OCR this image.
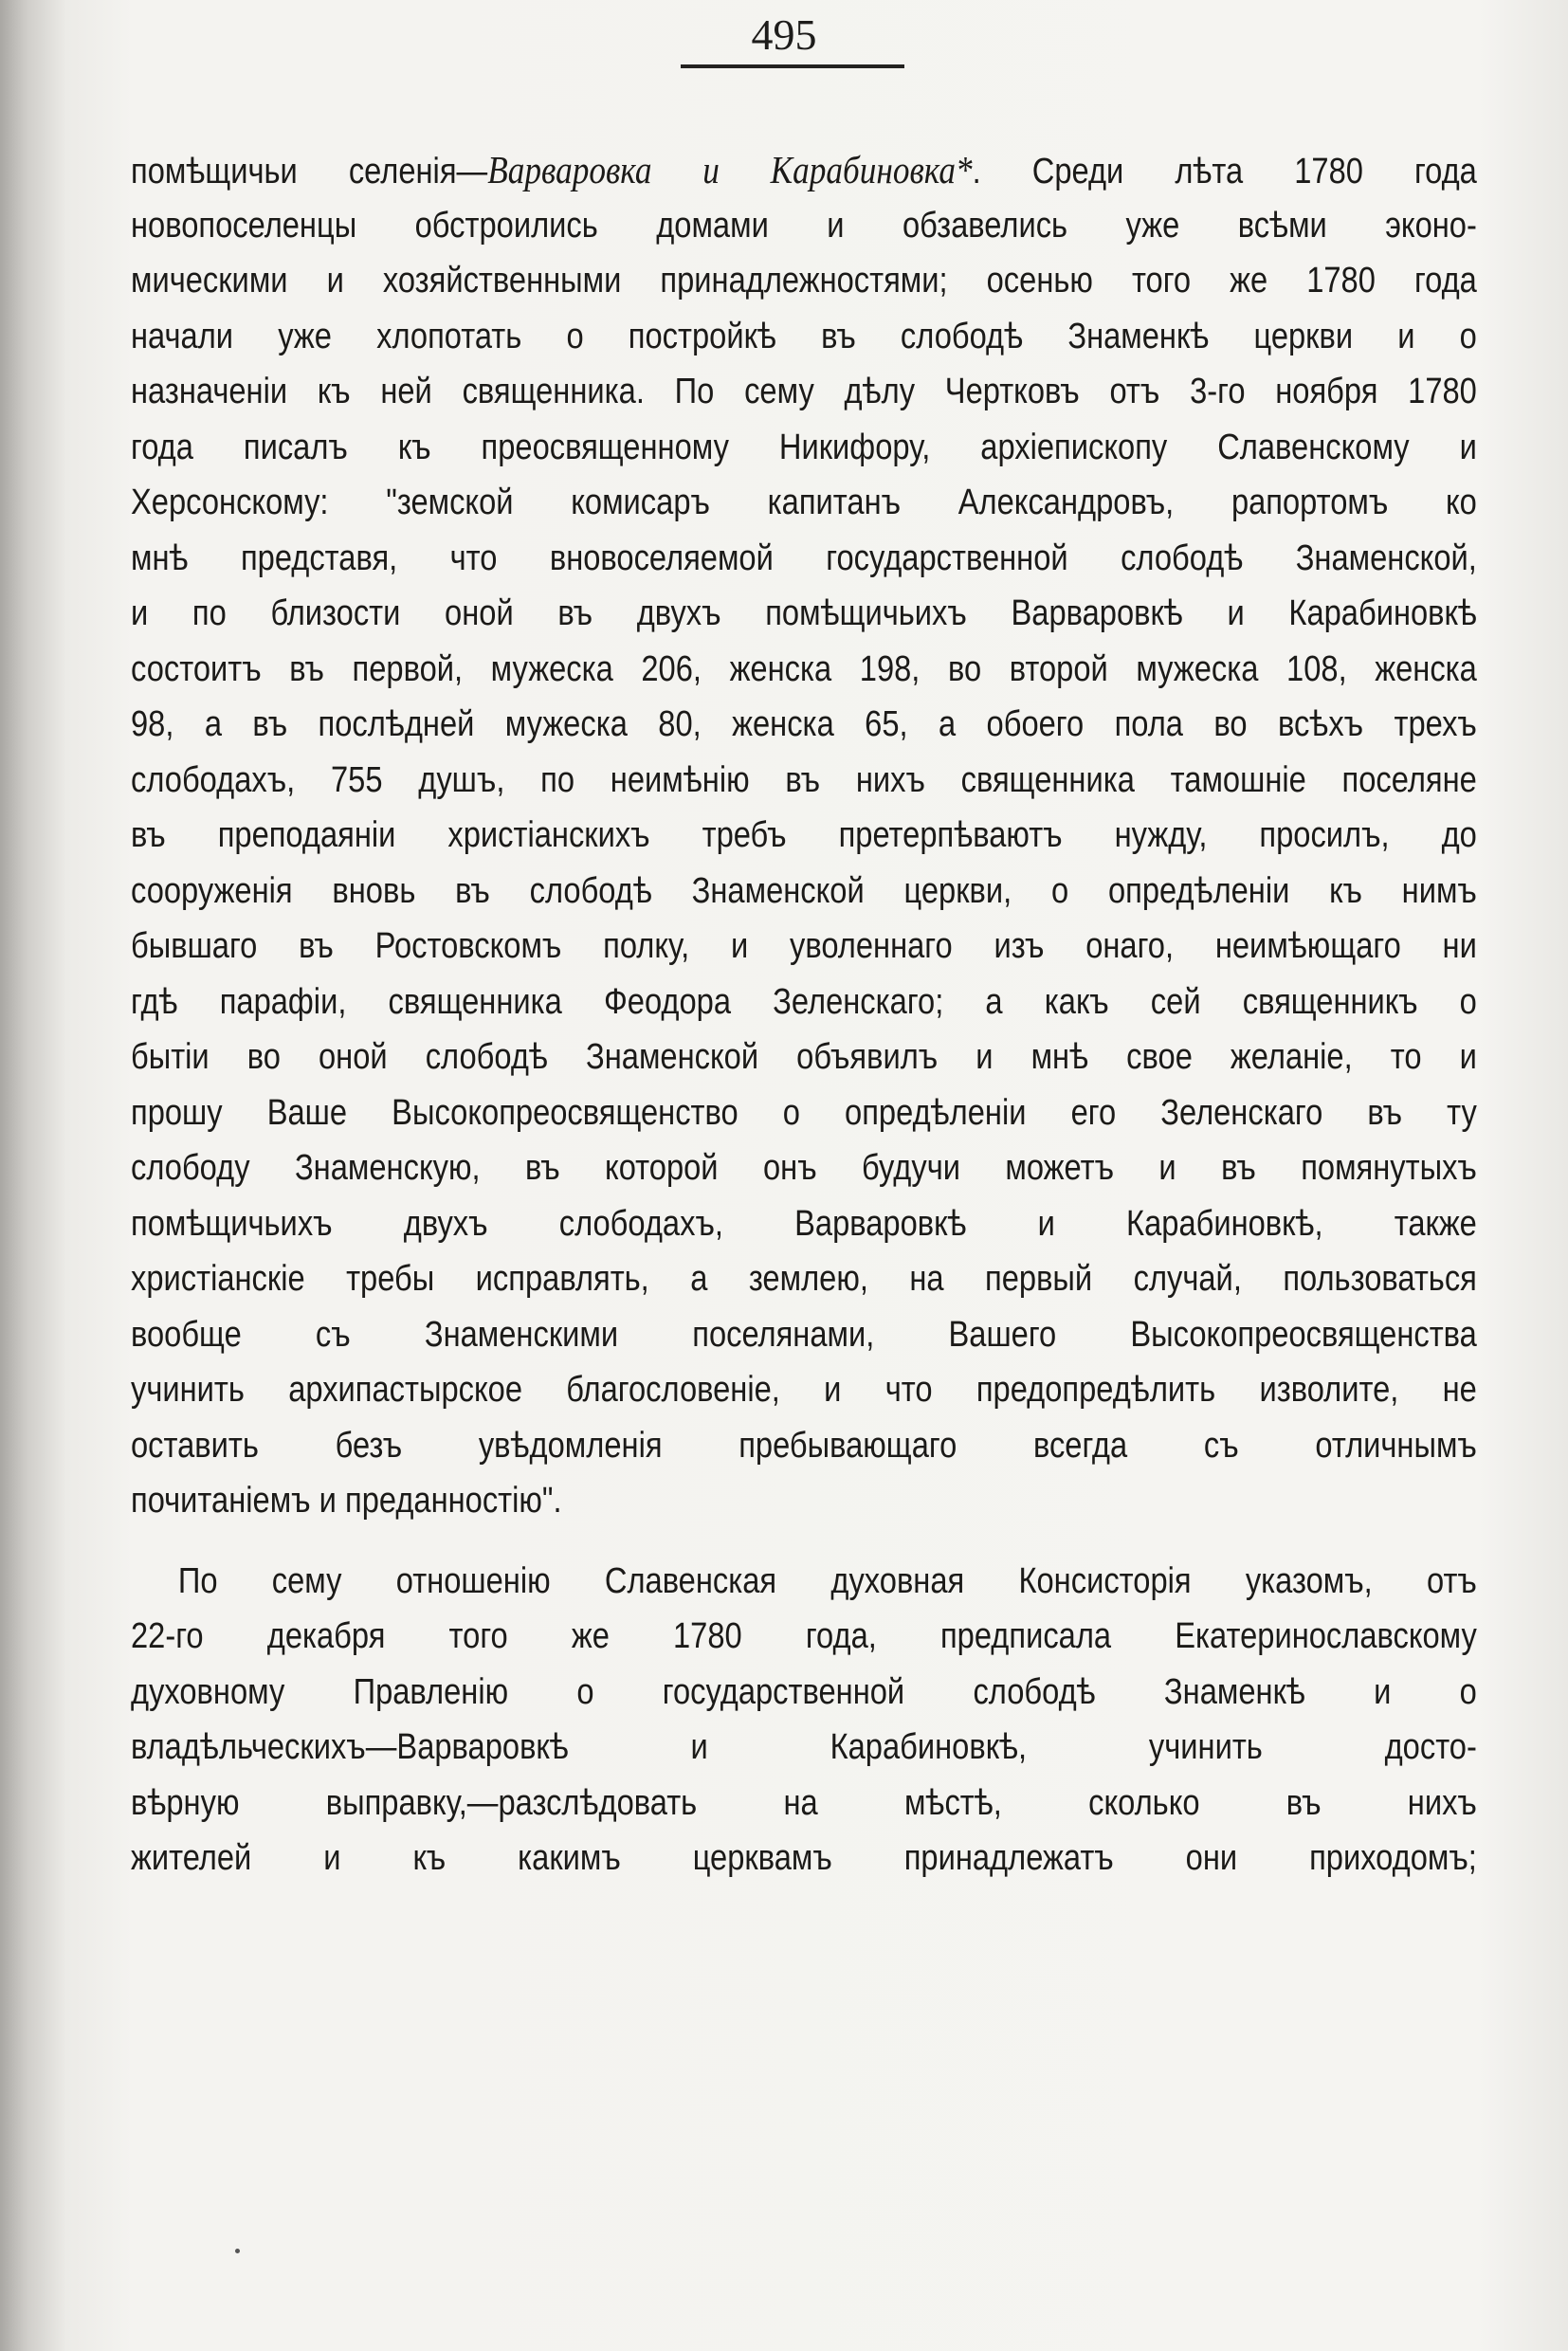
495
помѣщичьи селенія—Варваровка и Карабиновка*. Среди лѣта 1780 года
новопоселенцы обстроились домами и обзавелись уже всѣми эконо-
мическими и хозяйственными принадлежностями; осенью того же 1780 года
начали уже хлопотать о постройкѣ въ слободѣ Знаменкѣ церкви и о
назначеніи къ ней священника. По сему дѣлу Чертковъ отъ 3-го ноября 1780
года писалъ къ преосвященному Никифору, архіепископу Славенскому и
Херсонскому: "земской комисаръ капитанъ Александровъ, рапортомъ ко
мнѣ представя, что вновоселяемой государственной слободѣ Знаменской,
и по близости оной въ двухъ помѣщичьихъ Варваровкѣ и Карабиновкѣ
состоитъ въ первой, мужеска 206, женска 198, во второй мужеска 108, женска
98, а въ послѣдней мужеска 80, женска 65, а обоего пола во всѣхъ трехъ
слободахъ, 755 душъ, по неимѣнію въ нихъ священника тамошніе поселяне
въ преподаяніи христіанскихъ требъ претерпѣваютъ нужду, просилъ, до
сооруженія вновь въ слободѣ Знаменской церкви, о опредѣленіи къ нимъ
бывшаго въ Ростовскомъ полку, и уволеннаго изъ онаго, неимѣющаго ни
гдѣ парафіи, священника Феодора Зеленскаго; а какъ сей священникъ о
бытіи во оной слободѣ Знаменской объявилъ и мнѣ свое желаніе, то и
прошу Ваше Высокопреосвященство о опредѣленіи его Зеленскаго въ ту
слободу Знаменскую, въ которой онъ будучи можетъ и въ помянутыхъ
помѣщичьихъ двухъ слободахъ, Варваровкѣ и Карабиновкѣ, также
христіанскіе требы исправлять, а землею, на первый случай, пользоваться
вообще съ Знаменскими поселянами, Вашего Высокопреосвященства
учинить архипастырское благословеніе, и что предопредѣлить изволите, не
оставить безъ увѣдомленія пребывающаго всегда съ отличнымъ
почитаніемъ и преданностію".
По сему отношенію Славенская духовная Консисторія указомъ, отъ
22-го декабря того же 1780 года, предписала Екатеринославскому
духовному Правленію о государственной слободѣ Знаменкѣ и о
владѣльческихъ—Варваровкѣ и Карабиновкѣ, учинить досто-
вѣрную выправку,—разслѣдовать на мѣстѣ, сколько въ нихъ
жителей и къ какимъ церквамъ принадлежатъ они приходомъ;
